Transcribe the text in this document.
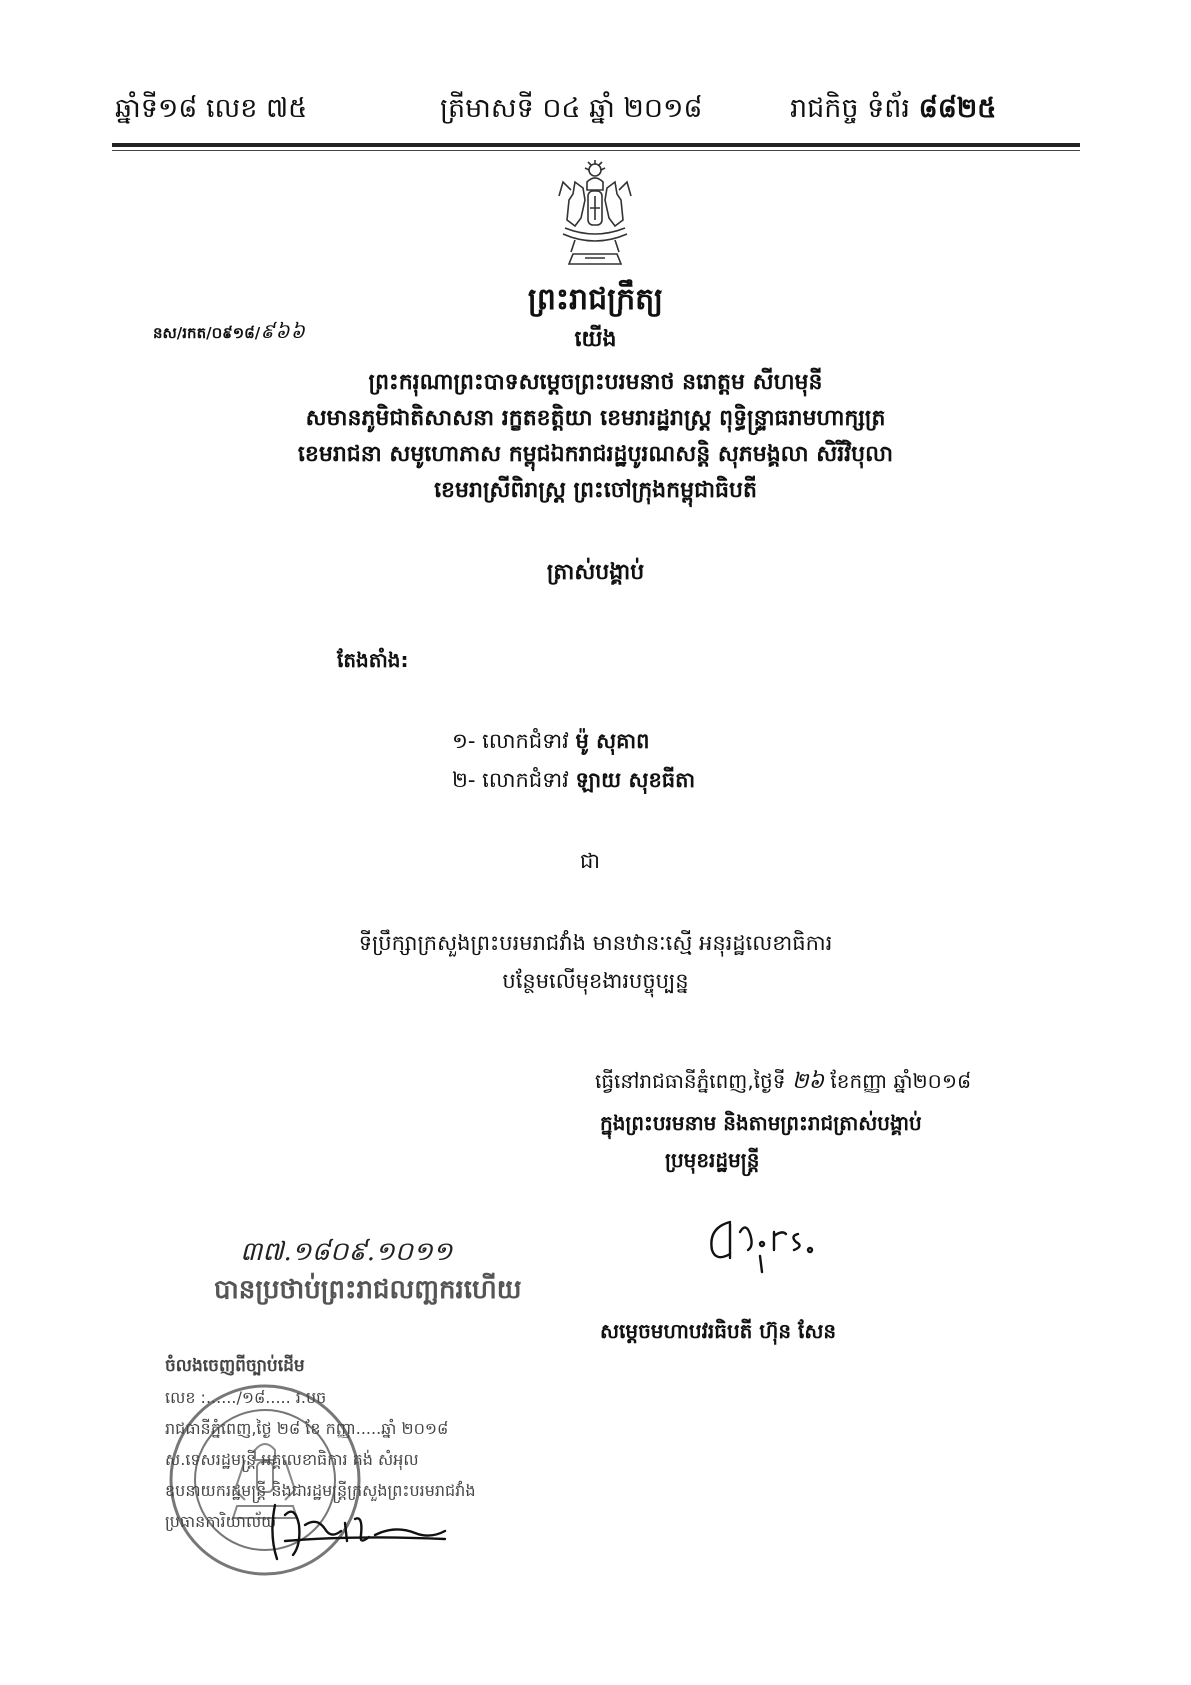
ឆ្នាំទី១៨ លេខ ៧៥	ត្រីមាសទី ០៤ ឆ្នាំ ២០១៨	រាជកិច្ច ទំព័រ ៨៨២៥
នស/រកត/០៩១៨/៩៦៦
ព្រះរាជក្រឹត្យ
យើង
ព្រះករុណាព្រះបាទសម្តេចព្រះបរមនាថ នរោត្តម សីហមុនី
សមានភូមិជាតិសាសនា រក្ខតខត្តិយា ខេមរារដ្ឋរាស្ត្រ ពុទ្ធិន្ទ្រាធរាមហាក្សត្រ
ខេមរាជនា សមូហោភាស កម្ពុជឯករាជរដ្ឋបូរណសន្តិ សុភមង្គលា សិរីវិបុលា
ខេមរាស្រីពិរាស្ត្រ ព្រះចៅក្រុងកម្ពុជាធិបតី
ត្រាស់បង្គាប់
តែងតាំង:
១- លោកជំទាវ ម៉ូ សុគាព
២- លោកជំទាវ ឡាយ សុខធីតា
ជា
ទីប្រឹក្សាក្រសួងព្រះបរមរាជវាំង មានឋានៈស្មើ អនុរដ្ឋលេខាធិការ
បន្ថែមលើមុខងារបច្ចុប្បន្ន
ធ្វើនៅរាជធានីភ្នំពេញ,ថ្ងៃទី ២៦ ខែកញ្ញា ឆ្នាំ២០១៨
ក្នុងព្រះបរមនាម និងតាមព្រះរាជត្រាស់បង្គាប់
ប្រមុខរដ្ឋមន្ត្រី
សម្តេចមហាបវរធិបតី ហ៊ុន សែន
៣៧.១៨០៩.១០១១
បានប្រថាប់ព្រះរាជលញ្ឆករហើយ
ចំលងចេញពីច្បាប់ដើម
លេខ :....../១៨..... រ.បច
រាជធានីភ្នំពេញ,ថ្ងៃ ២៨ ខែ កញ្ញា.....ឆ្នាំ ២០១៨
ស.ទេសរដ្ឋមន្ត្រី អគ្គលេខាធិការ គង់ សំអុល
ឧបនាយករដ្ឋមន្ត្រី និងជារដ្ឋមន្ត្រីក្រសួងព្រះបរមរាជវាំង
ប្រធានការិយាល័យ
